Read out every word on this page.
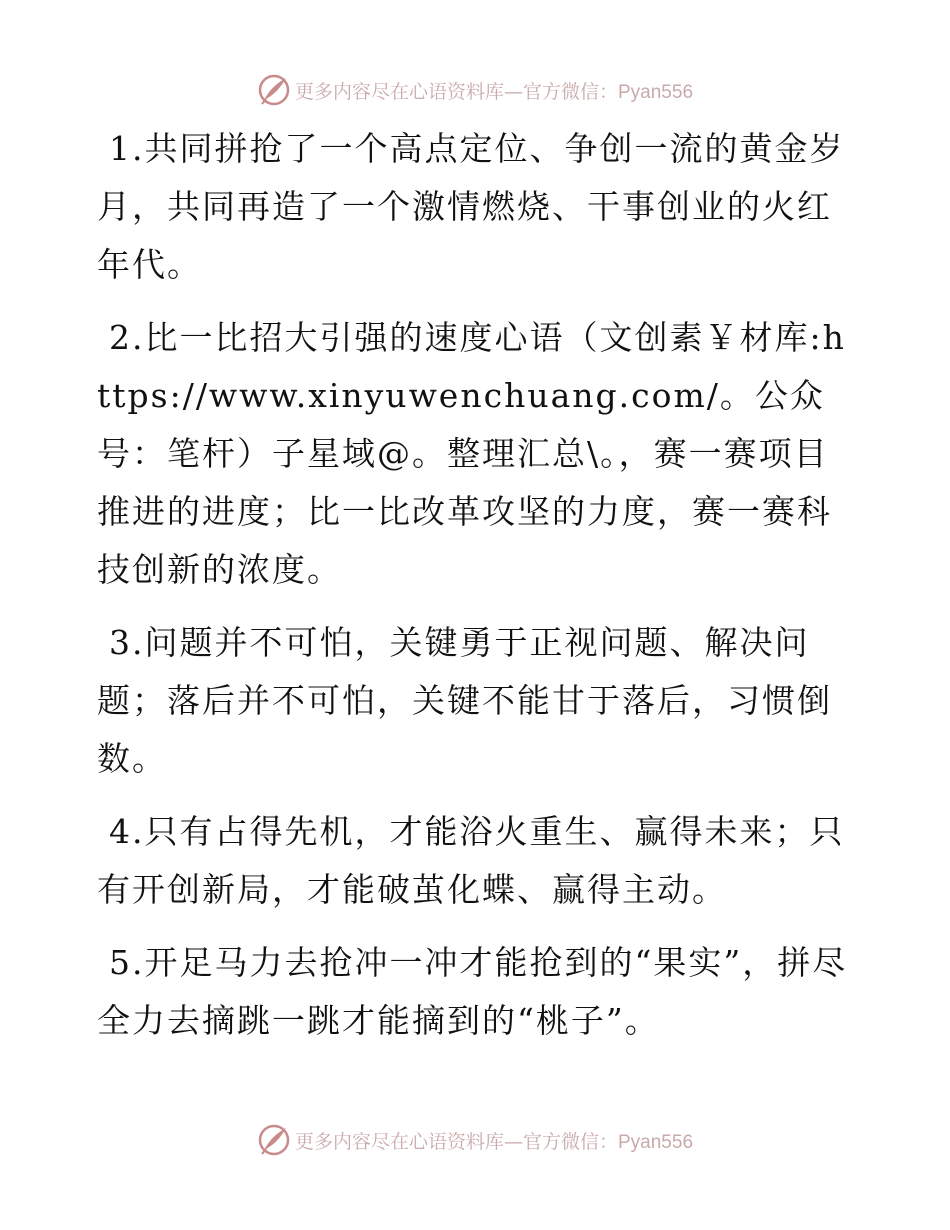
更多内容尽在心语资料库—官方微信：Pyan556

1.共同拼抢了一个高点定位、争创一流的黄金岁月，共同再造了一个激情燃烧、干事创业的火红年代。

2.比一比招大引强的速度心语（文创素￥材库:https://www.xinyuwenchuang.com/。公众号：笔杆）子星域@。整理汇总\。，赛一赛项目推进的进度；比一比改革攻坚的力度，赛一赛科技创新的浓度。

3.问题并不可怕，关键勇于正视问题、解决问题；落后并不可怕，关键不能甘于落后，习惯倒数。

4.只有占得先机，才能浴火重生、赢得未来；只有开创新局，才能破茧化蝶、赢得主动。

5.开足马力去抢冲一冲才能抢到的“果实”，拼尽全力去摘跳一跳才能摘到的“桃子”。

更多内容尽在心语资料库—官方微信：Pyan556
